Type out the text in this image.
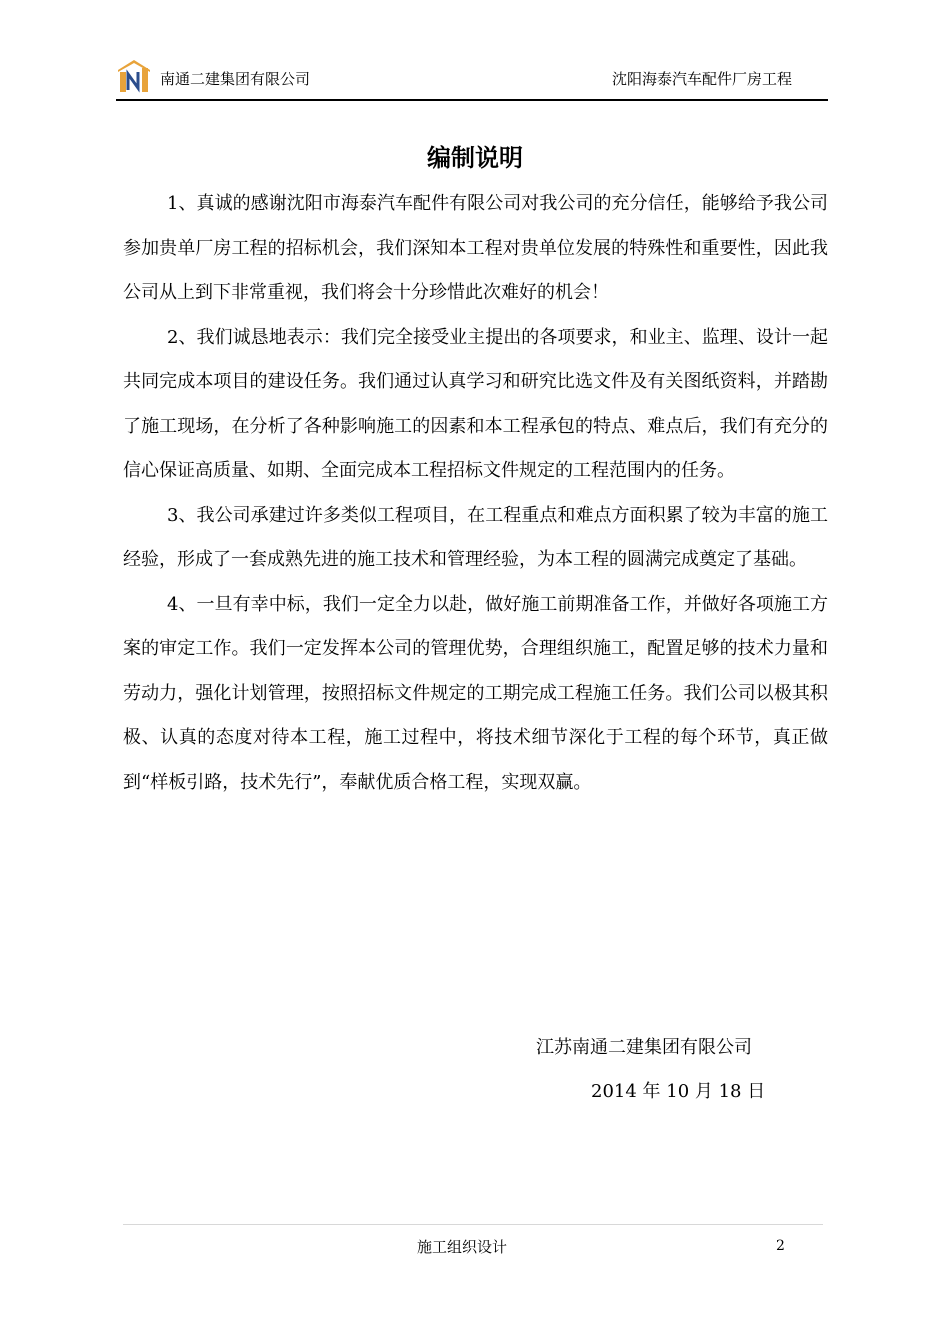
南通二建集团有限公司	沈阳海泰汽车配件厂房工程
编制说明

1、真诚的感谢沈阳市海泰汽车配件有限公司对我公司的充分信任，能够给予我公司参加贵单厂房工程的招标机会，我们深知本工程对贵单位发展的特殊性和重要性，因此我公司从上到下非常重视，我们将会十分珍惜此次难好的机会！

2、我们诚恳地表示：我们完全接受业主提出的各项要求，和业主、监理、设计一起共同完成本项目的建设任务。我们通过认真学习和研究比选文件及有关图纸资料，并踏勘了施工现场，在分析了各种影响施工的因素和本工程承包的特点、难点后，我们有充分的信心保证高质量、如期、全面完成本工程招标文件规定的工程范围内的任务。

3、我公司承建过许多类似工程项目，在工程重点和难点方面积累了较为丰富的施工经验，形成了一套成熟先进的施工技术和管理经验，为本工程的圆满完成奠定了基础。

4、一旦有幸中标，我们一定全力以赴，做好施工前期准备工作，并做好各项施工方案的审定工作。我们一定发挥本公司的管理优势，合理组织施工，配置足够的技术力量和劳动力，强化计划管理，按照招标文件规定的工期完成工程施工任务。我们公司以极其积极、认真的态度对待本工程，施工过程中，将技术细节深化于工程的每个环节，真正做到“样板引路，技术先行”，奉献优质合格工程，实现双赢。

江苏南通二建集团有限公司
2014 年 10 月 18 日
施工组织设计	2
